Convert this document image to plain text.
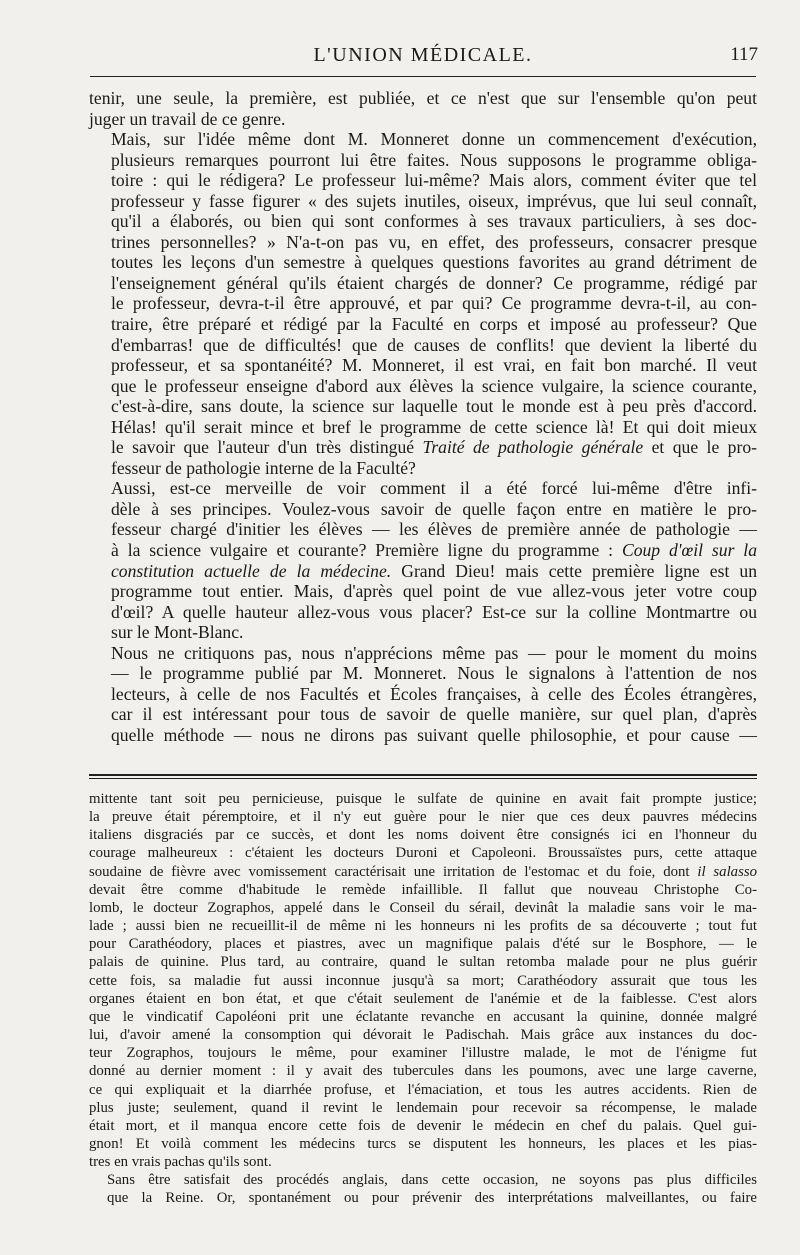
L'UNION MÉDICALE.	117

tenir, une seule, la première, est publiée, et ce n'est que sur l'ensemble qu'on peut
juger un travail de ce genre.

Mais, sur l'idée même dont M. Monneret donne un commencement d'exécution,
plusieurs remarques pourront lui être faites. Nous supposons le programme obliga-
toire : qui le rédigera? Le professeur lui-même? Mais alors, comment éviter que tel
professeur y fasse figurer « des sujets inutiles, oiseux, imprévus, que lui seul connaît,
qu'il a élaborés, ou bien qui sont conformes à ses travaux particuliers, à ses doc-
trines personnelles? » N'a-t-on pas vu, en effet, des professeurs, consacrer presque
toutes les leçons d'un semestre à quelques questions favorites au grand détriment de
l'enseignement général qu'ils étaient chargés de donner? Ce programme, rédigé par
le professeur, devra-t-il être approuvé, et par qui? Ce programme devra-t-il, au con-
traire, être préparé et rédigé par la Faculté en corps et imposé au professeur? Que
d'embarras! que de difficultés! que de causes de conflits! que devient la liberté du
professeur, et sa spontanéité? M. Monneret, il est vrai, en fait bon marché. Il veut
que le professeur enseigne d'abord aux élèves la science vulgaire, la science courante,
c'est-à-dire, sans doute, la science sur laquelle tout le monde est à peu près d'accord.
Hélas! qu'il serait mince et bref le programme de cette science là! Et qui doit mieux
le savoir que l'auteur d'un très distingué Traité de pathologie générale et que le pro-
fesseur de pathologie interne de la Faculté?

Aussi, est-ce merveille de voir comment il a été forcé lui-même d'être infi-
dèle à ses principes. Voulez-vous savoir de quelle façon entre en matière le pro-
fesseur chargé d'initier les élèves — les élèves de première année de pathologie —
à la science vulgaire et courante? Première ligne du programme : Coup d'œil sur la
constitution actuelle de la médecine. Grand Dieu! mais cette première ligne est un
programme tout entier. Mais, d'après quel point de vue allez-vous jeter votre coup
d'œil? A quelle hauteur allez-vous vous placer? Est-ce sur la colline Montmartre ou
sur le Mont-Blanc.

Nous ne critiquons pas, nous n'apprécions même pas — pour le moment du moins
— le programme publié par M. Monneret. Nous le signalons à l'attention de nos
lecteurs, à celle de nos Facultés et Écoles françaises, à celle des Écoles étrangères,
car il est intéressant pour tous de savoir de quelle manière, sur quel plan, d'après
quelle méthode — nous ne dirons pas suivant quelle philosophie, et pour cause —

mittente tant soit peu pernicieuse, puisque le sulfate de quinine en avait fait prompte justice;
la preuve était péremptoire, et il n'y eut guère pour le nier que ces deux pauvres médecins
italiens disgraciés par ce succès, et dont les noms doivent être consignés ici en l'honneur du
courage malheureux : c'étaient les docteurs Duroni et Capoleoni. Broussaïstes purs, cette attaque
soudaine de fièvre avec vomissement caractérisait une irritation de l'estomac et du foie, dont il salasso
devait être comme d'habitude le remède infaillible. Il fallut que nouveau Christophe Co-
lomb, le docteur Zographos, appelé dans le Conseil du sérail, devinât la maladie sans voir le ma-
lade ; aussi bien ne recueillit-il de même ni les honneurs ni les profits de sa découverte ; tout fut
pour Carathéodory, places et piastres, avec un magnifique palais d'été sur le Bosphore, — le
palais de quinine. Plus tard, au contraire, quand le sultan retomba malade pour ne plus guérir
cette fois, sa maladie fut aussi inconnue jusqu'à sa mort; Carathéodory assurait que tous les
organes étaient en bon état, et que c'était seulement de l'anémie et de la faiblesse. C'est alors
que le vindicatif Capoléoni prit une éclatante revanche en accusant la quinine, donnée malgré
lui, d'avoir amené la consomption qui dévorait le Padischah. Mais grâce aux instances du doc-
teur Zographos, toujours le même, pour examiner l'illustre malade, le mot de l'énigme fut
donné au dernier moment : il y avait des tubercules dans les poumons, avec une large caverne,
ce qui expliquait et la diarrhée profuse, et l'émaciation, et tous les autres accidents. Rien de
plus juste; seulement, quand il revint le lendemain pour recevoir sa récompense, le malade
était mort, et il manqua encore cette fois de devenir le médecin en chef du palais. Quel gui-
gnon! Et voilà comment les médecins turcs se disputent les honneurs, les places et les pias-
tres en vrais pachas qu'ils sont.

Sans être satisfait des procédés anglais, dans cette occasion, ne soyons pas plus difficiles
que la Reine. Or, spontanément ou pour prévenir des interprétations malveillantes, ou faire
